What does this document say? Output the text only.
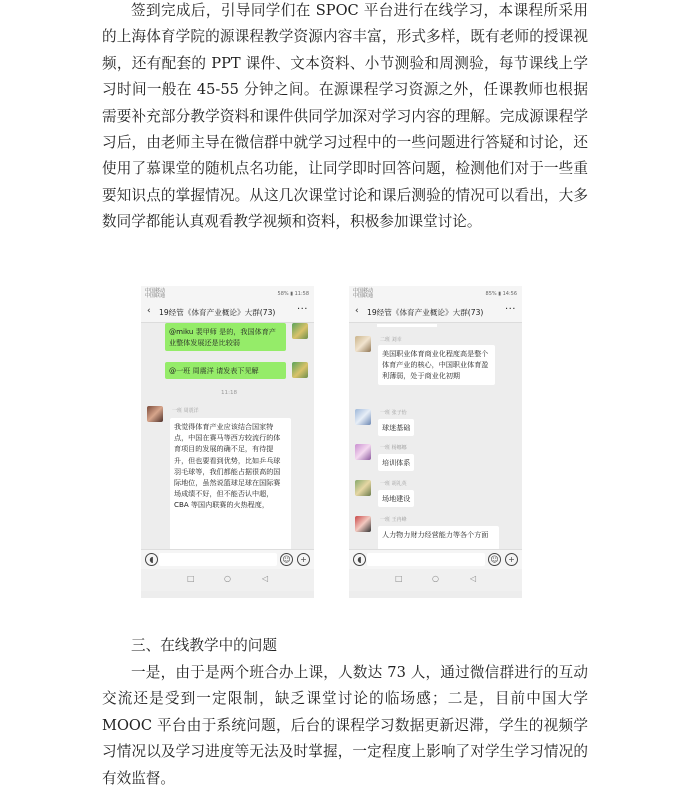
签到完成后，引导同学们在 SPOC 平台进行在线学习，本课程所采用的上海体育学院的源课程教学资源内容丰富，形式多样，既有老师的授课视频，还有配套的 PPT 课件、文本资料、小节测验和周测验，每节课线上学习时间一般在 45-55 分钟之间。在源课程学习资源之外，任课教师也根据需要补充部分教学资料和课件供同学加深对学习内容的理解。完成源课程学习后，由老师主导在微信群中就学习过程中的一些问题进行答疑和讨论，还使用了慕课堂的随机点名功能，让同学即时回答问题，检测他们对于一些重要知识点的掌握情况。从这几次课堂讨论和课后测验的情况可以看出，大多数同学都能认真观看教学视频和资料，积极参加课堂讨论。

中国移动
中国联通	58% ▮ 11:58
‹ 19经管《体育产业概论》大群(73) ···
@miku 裴甲师 是的，我国体育产业整体发展还是比较弱
@一班 周震洋 请发表下见解
11:18
一班 周震洋
我觉得体育产业应该结合国家特点，中国在赛马等西方较流行的体育项目的发展的确不足，有待提升，但也要看到优势，比如乒乓球羽毛球等，我们都能占据很高的国际地位，虽然说篮球足球在国际赛场成绩不好，但不能否认中超，CBA 等国内联赛的火热程度，
◖	☺	+
□	○	◁
中国移动
中国联通	85% ▮ 14:56
‹ 19经管《体育产业概论》大群(73) ···
二班 刘幸
美国职业体育商业化程度高是整个体育产业的核心，中国职业体育盈利薄弱，处于商业化初期
一班 张子怡
球迷基础
一班 杨娜娜
培训体系
一班 胡礼英
场地建设
一班 王冉峰
人力物力财力经营能力等各个方面
◖	☺	+
□	○	◁
三、在线教学中的问题

一是，由于是两个班合办上课，人数达 73 人，通过微信群进行的互动交流还是受到一定限制，缺乏课堂讨论的临场感；二是，目前中国大学 MOOC 平台由于系统问题，后台的课程学习数据更新迟滞，学生的视频学习情况以及学习进度等无法及时掌握，一定程度上影响了对学生学习情况的有效监督。
